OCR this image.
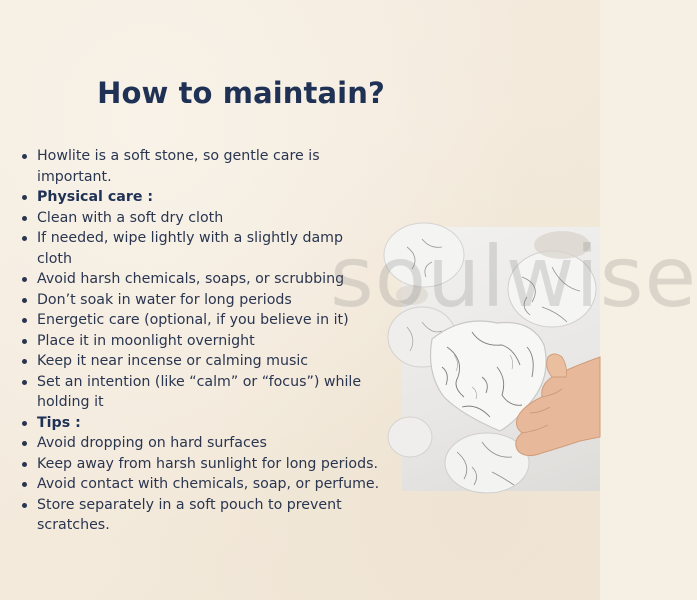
How to maintain?
Howlite is a soft stone, so gentle care is important.
Physical care :
Clean with a soft dry cloth
If needed, wipe lightly with a slightly damp cloth
Avoid harsh chemicals, soaps, or scrubbing
Don’t soak in water for long periods
Energetic care (optional, if you believe in it)
Place it in moonlight overnight
Keep it near incense or calming music
Set an intention (like “calm” or “focus”) while holding it
Tips :
Avoid dropping on hard surfaces
Keep away from harsh sunlight for long periods.
Avoid contact with chemicals, soap, or perfume.
Store separately in a soft pouch to prevent scratches.
soulwise
